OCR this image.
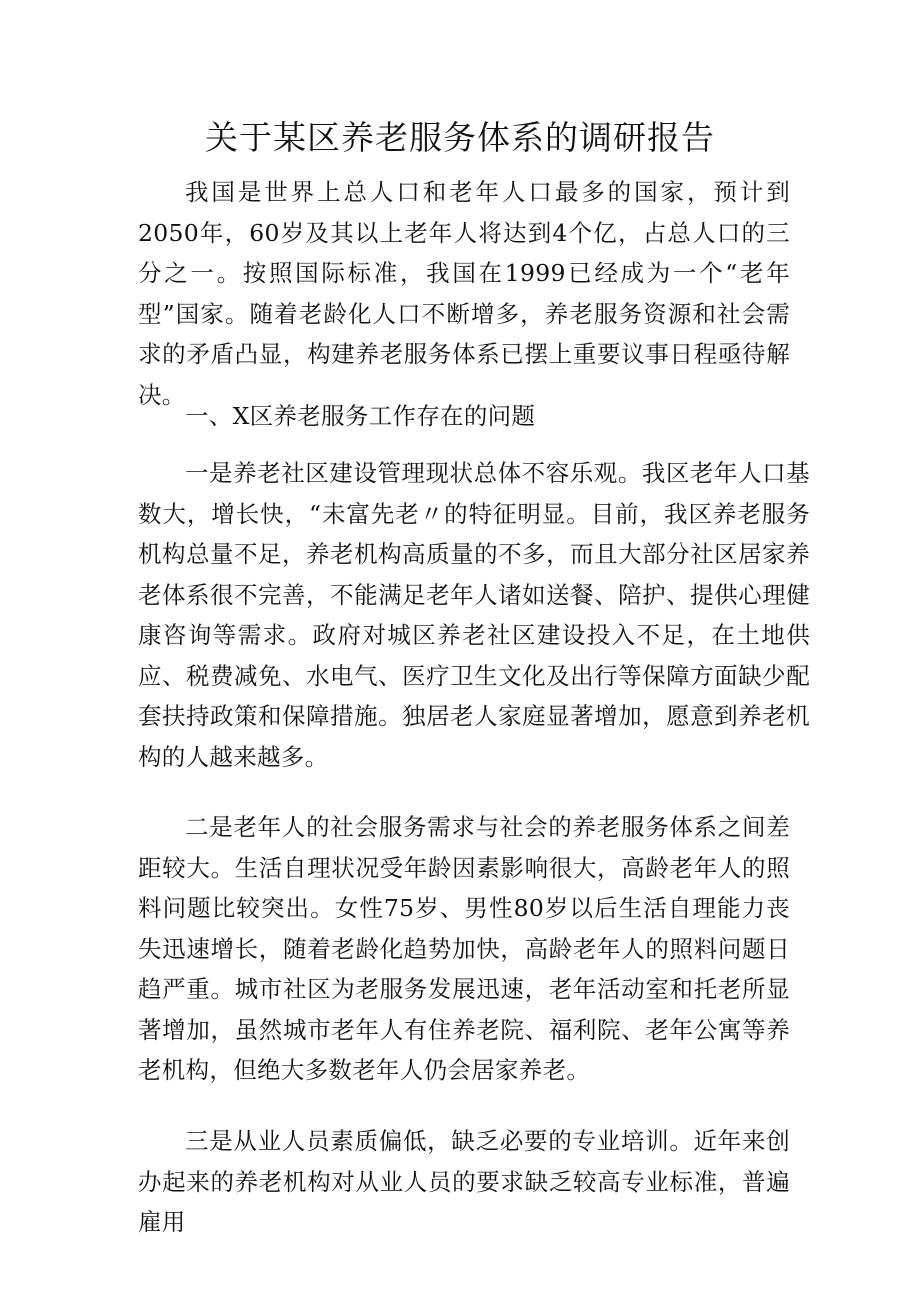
关于某区养老服务体系的调研报告

我国是世界上总人口和老年人口最多的国家，预计到2050年，60岁及其以上老年人将达到4个亿，占总人口的三分之一。按照国际标准，我国在1999已经成为一个“老年型”国家。随着老龄化人口不断增多，养老服务资源和社会需求的矛盾凸显，构建养老服务体系已摆上重要议事日程亟待解决。

一、X区养老服务工作存在的问题

一是养老社区建设管理现状总体不容乐观。我区老年人口基数大，增长快，“未富先老〃的特征明显。目前，我区养老服务机构总量不足，养老机构高质量的不多，而且大部分社区居家养老体系很不完善，不能满足老年人诸如送餐、陪护、提供心理健康咨询等需求。政府对城区养老社区建设投入不足，在土地供应、税费减免、水电气、医疗卫生文化及出行等保障方面缺少配套扶持政策和保障措施。独居老人家庭显著增加，愿意到养老机构的人越来越多。

二是老年人的社会服务需求与社会的养老服务体系之间差距较大。生活自理状况受年龄因素影响很大，高龄老年人的照料问题比较突出。女性75岁、男性80岁以后生活自理能力丧失迅速增长，随着老龄化趋势加快，高龄老年人的照料问题日趋严重。城市社区为老服务发展迅速，老年活动室和托老所显著增加，虽然城市老年人有住养老院、福利院、老年公寓等养老机构，但绝大多数老年人仍会居家养老。

三是从业人员素质偏低，缺乏必要的专业培训。近年来创办起来的养老机构对从业人员的要求缺乏较高专业标准，普遍雇用
